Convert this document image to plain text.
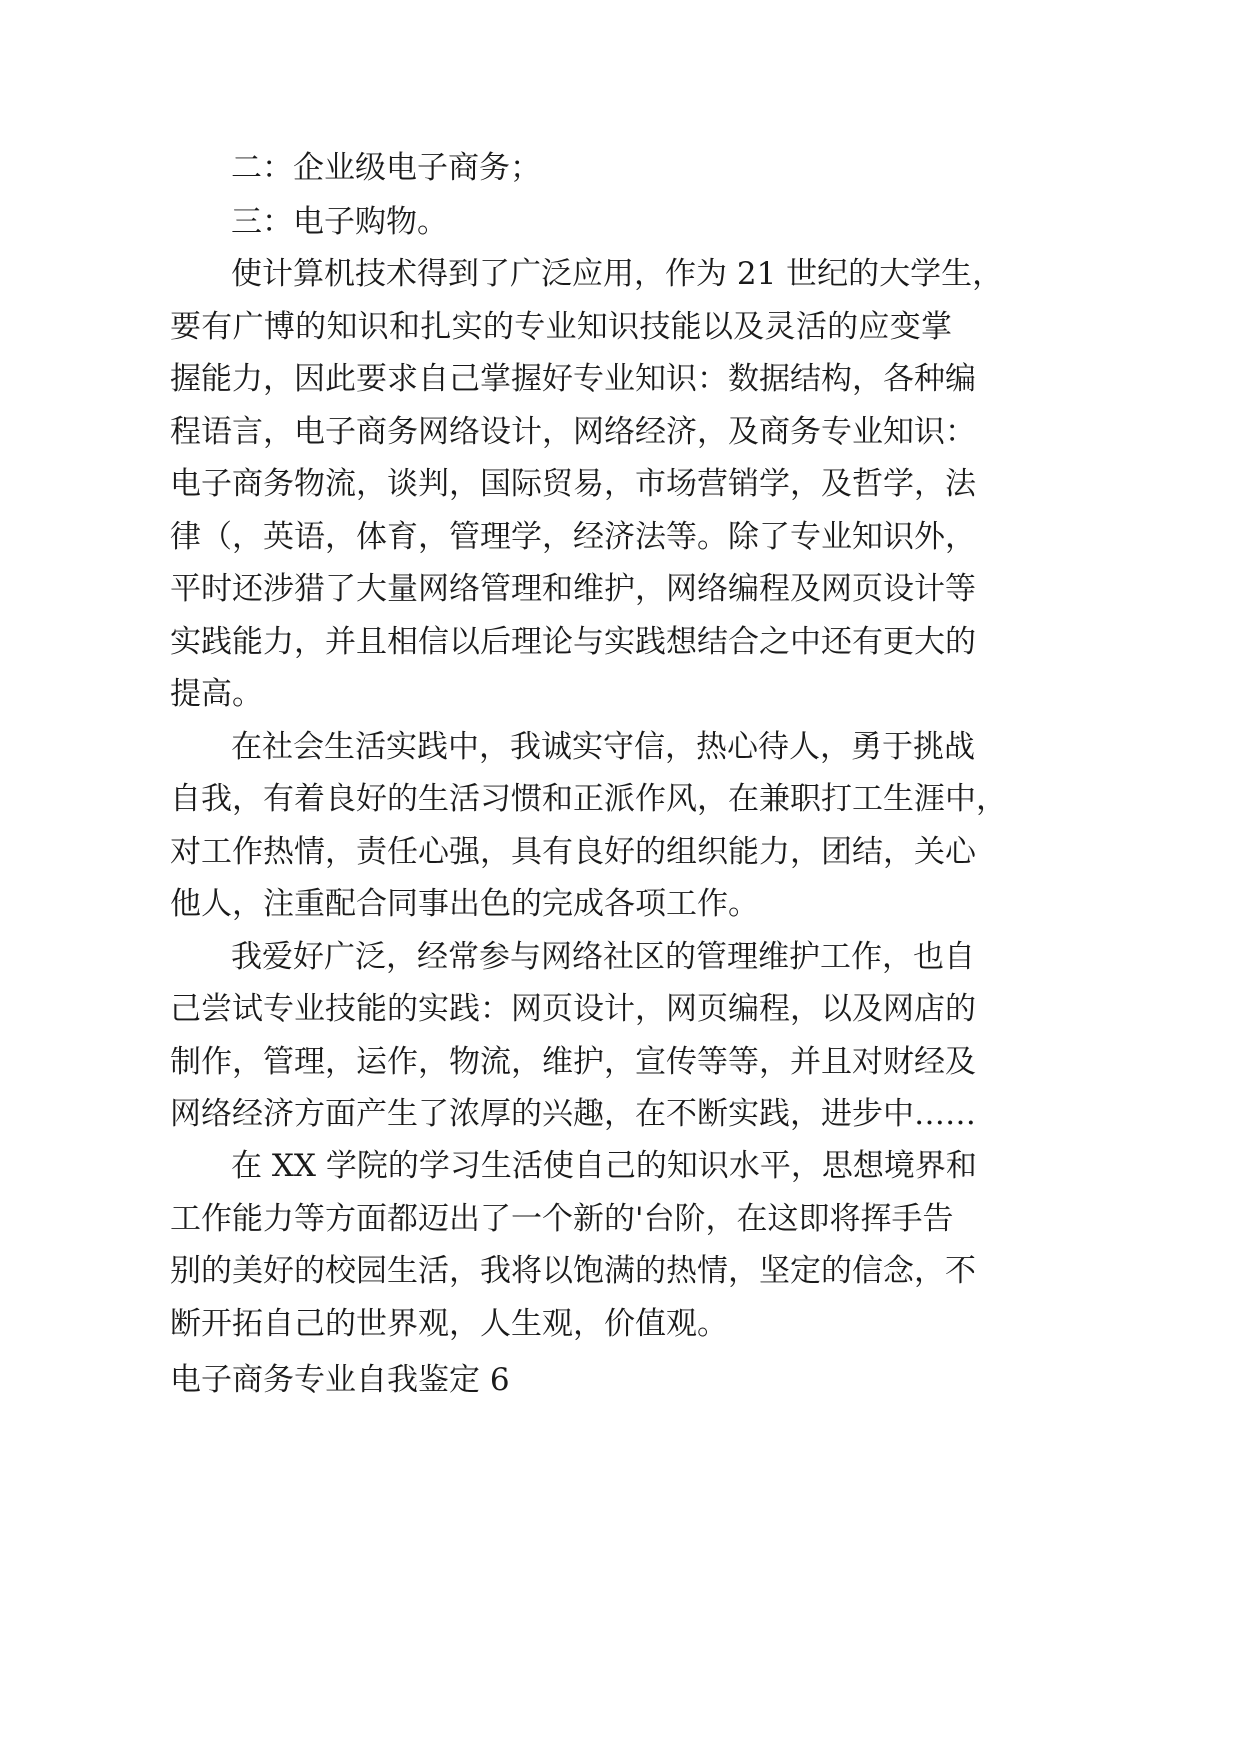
二：企业级电子商务；
三：电子购物。
使计算机技术得到了广泛应用，作为 21 世纪的大学生，
要有广博的知识和扎实的专业知识技能以及灵活的应变掌
握能力，因此要求自己掌握好专业知识：数据结构，各种编
程语言，电子商务网络设计，网络经济，及商务专业知识：
电子商务物流，谈判，国际贸易，市场营销学，及哲学，法
律（，英语，体育，管理学，经济法等。除了专业知识外，
平时还涉猎了大量网络管理和维护，网络编程及网页设计等
实践能力，并且相信以后理论与实践想结合之中还有更大的
提高。
在社会生活实践中，我诚实守信，热心待人，勇于挑战
自我，有着良好的生活习惯和正派作风，在兼职打工生涯中，
对工作热情，责任心强，具有良好的组织能力，团结，关心
他人，注重配合同事出色的完成各项工作。
我爱好广泛，经常参与网络社区的管理维护工作，也自
己尝试专业技能的实践：网页设计，网页编程，以及网店的
制作，管理，运作，物流，维护，宣传等等，并且对财经及
网络经济方面产生了浓厚的兴趣，在不断实践，进步中……
在 XX 学院的学习生活使自己的知识水平，思想境界和
工作能力等方面都迈出了一个新的'台阶，在这即将挥手告
别的美好的校园生活，我将以饱满的热情，坚定的信念，不
断开拓自己的世界观，人生观，价值观。
电子商务专业自我鉴定 6
